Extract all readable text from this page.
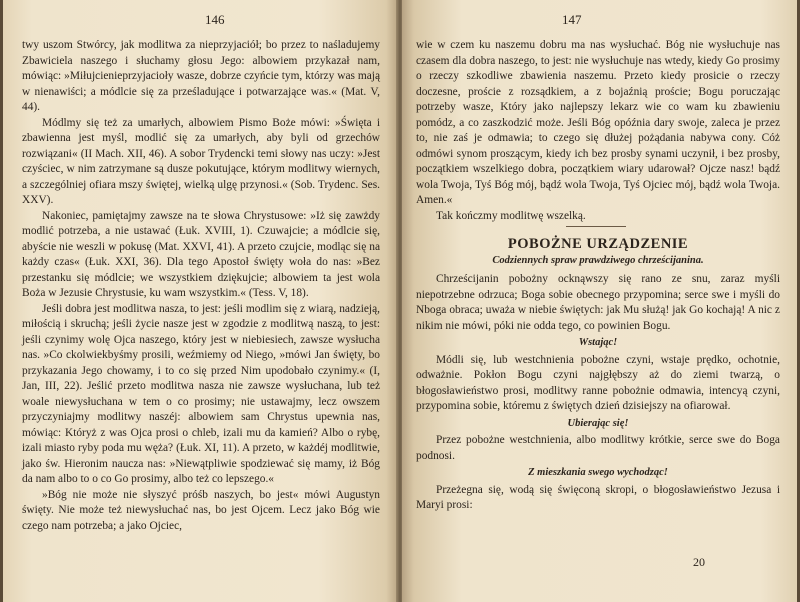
146

twy uszom Stwórcy, jak modlitwa za nieprzyjaciół; bo przez to naśladujemy Zbawiciela naszego i słuchamy głosu Jego: albowiem przykazał nam, mówiąc: »Miłujcienieprzyjacioły wasze, dobrze czyńcie tym, którzy was mają w nienawiści; a módlcie się za prześladujące i potwarzające was.« (Mat. V, 44).

Módlmy się też za umarłych, albowiem Pismo Boże mówi: »Święta i zbawienna jest myśl, modlić się za umarłych, aby byli od grzechów rozwiązani« (II Mach. XII, 46). A sobor Trydencki temi słowy nas uczy: »Jest czyściec, w nim zatrzymane są dusze pokutujące, którym modlitwy wiernych, a szczególniej ofiara mszy świętej, wielką ulgę przynosi.« (Sob. Trydenc. Ses. XXV).

Nakoniec, pamiętajmy zawsze na te słowa Chrystusowe: »Iż się zawżdy modlić potrzeba, a nie ustawać (Łuk. XVIII, 1). Czuwajcie; a módlcie się, abyście nie weszli w pokusę (Mat. XXVI, 41). A przeto czujcie, modląc się na każdy czas« (Łuk. XXI, 36). Dla tego Apostoł święty woła do nas: »Bez przestanku się módlcie; we wszystkiem dziękujcie; albowiem ta jest wola Boża w Jezusie Chrystusie, ku wam wszystkim.« (Tess. V, 18).

Jeśli dobra jest modlitwa nasza, to jest: jeśli modlim się z wiarą, nadzieją, miłością i skruchą; jeśli życie nasze jest w zgodzie z modlitwą naszą, to jest: jeśli czynimy wolę Ojca naszego, który jest w niebiesiech, zawsze wysłucha nas. »Co ckolwiekbyśmy prosili, weźmiemy od Niego, »mówi Jan święty, bo przykazania Jego chowamy, i to co się przed Nim upodobało czynimy.« (I, Jan, III, 22). Jeślić przeto modlitwa nasza nie zawsze wysłuchana, lub też woale niewysłuchana w tem o co prosimy; nie ustawajmy, lecz owszem przyczyniajmy modlitwy naszéj: albowiem sam Chrystus upewnia nas, mówiąc: Któryż z was Ojca prosi o chleb, izali mu da kamień? Albo o rybę, izali miasto ryby poda mu węża? (Łuk. XI, 11). A przeto, w każdéj modlitwie, jako św. Hieronim naucza nas: »Niewątpliwie spodziewać się mamy, iż Bóg da nam albo to o co Go prosimy, albo też co lepszego.«

»Bóg nie może nie słyszyć próśb naszych, bo jest« mówi Augustyn święty. Nie może też niewysłuchać nas, bo jest Ojcem. Lecz jako Bóg wie czego nam potrzeba; a jako Ojciec,

147

wie w czem ku naszemu dobru ma nas wysłuchać. Bóg nie wysłuchuje nas czasem dla dobra naszego, to jest: nie wysłuchuje nas wtedy, kiedy Go prosimy o rzeczy szkodliwe zbawienia naszemu. Przeto kiedy prosicie o rzeczy doczesne, proście z rozsądkiem, a z bojaźnią proście; Bogu poruczając potrzeby wasze, Który jako najlepszy lekarz wie co wam ku zbawieniu pomódz, a co zaszkodzić może. Jeśli Bóg opóźnia dary swoje, zaleca je przez to, nie zaś je odmawia; to czego się dłużej pożądania nabywa cony. Cóż odmówi synom proszącym, kiedy ich bez prosby synami uczynił, i bez prosby, początkiem wszelkiego dobra, początkiem wiary udarował? Ojcze nasz! bądź wola Twoja, Tyś Bóg mój, bądź wola Twoja, Tyś Ojciec mój, bądź wola Twoja. Amen.«

Tak kończmy modlitwę wszelką.

POBOŻNE URZĄDZENIE
Codziennych spraw prawdziwego chrześcijanina.

Chrześcijanin pobożny ocknąwszy się rano ze snu, zaraz myśli niepotrzebne odrzuca; Boga sobie obecnego przypomina; serce swe i myśli do Nboga obraca; uważa w niebie świętych: jak Mu służą! jak Go kochają! A nic z nikim nie mówi, póki nie odda tego, co powinien Bogu.

Wstając!

Módli się, lub westchnienia pobożne czyni, wstaje prędko, ochotnie, odważnie. Pokłon Bogu czyni najgłębszy aż do ziemi twarzą, o błogosławieństwo prosi, modlitwy ranne pobożnie odmawia, intencyą czyni, przypomina sobie, któremu z świętych dzień dzisiejszy na ofiarował.

Ubierając się!

Przez pobożne westchnienia, albo modlitwy krótkie, serce swe do Boga podnosi.

Z mieszkania swego wychodząc!

Przeżegna się, wodą się święconą skropi, o błogosławieństwo Jezusa i Maryi prosi:

20
